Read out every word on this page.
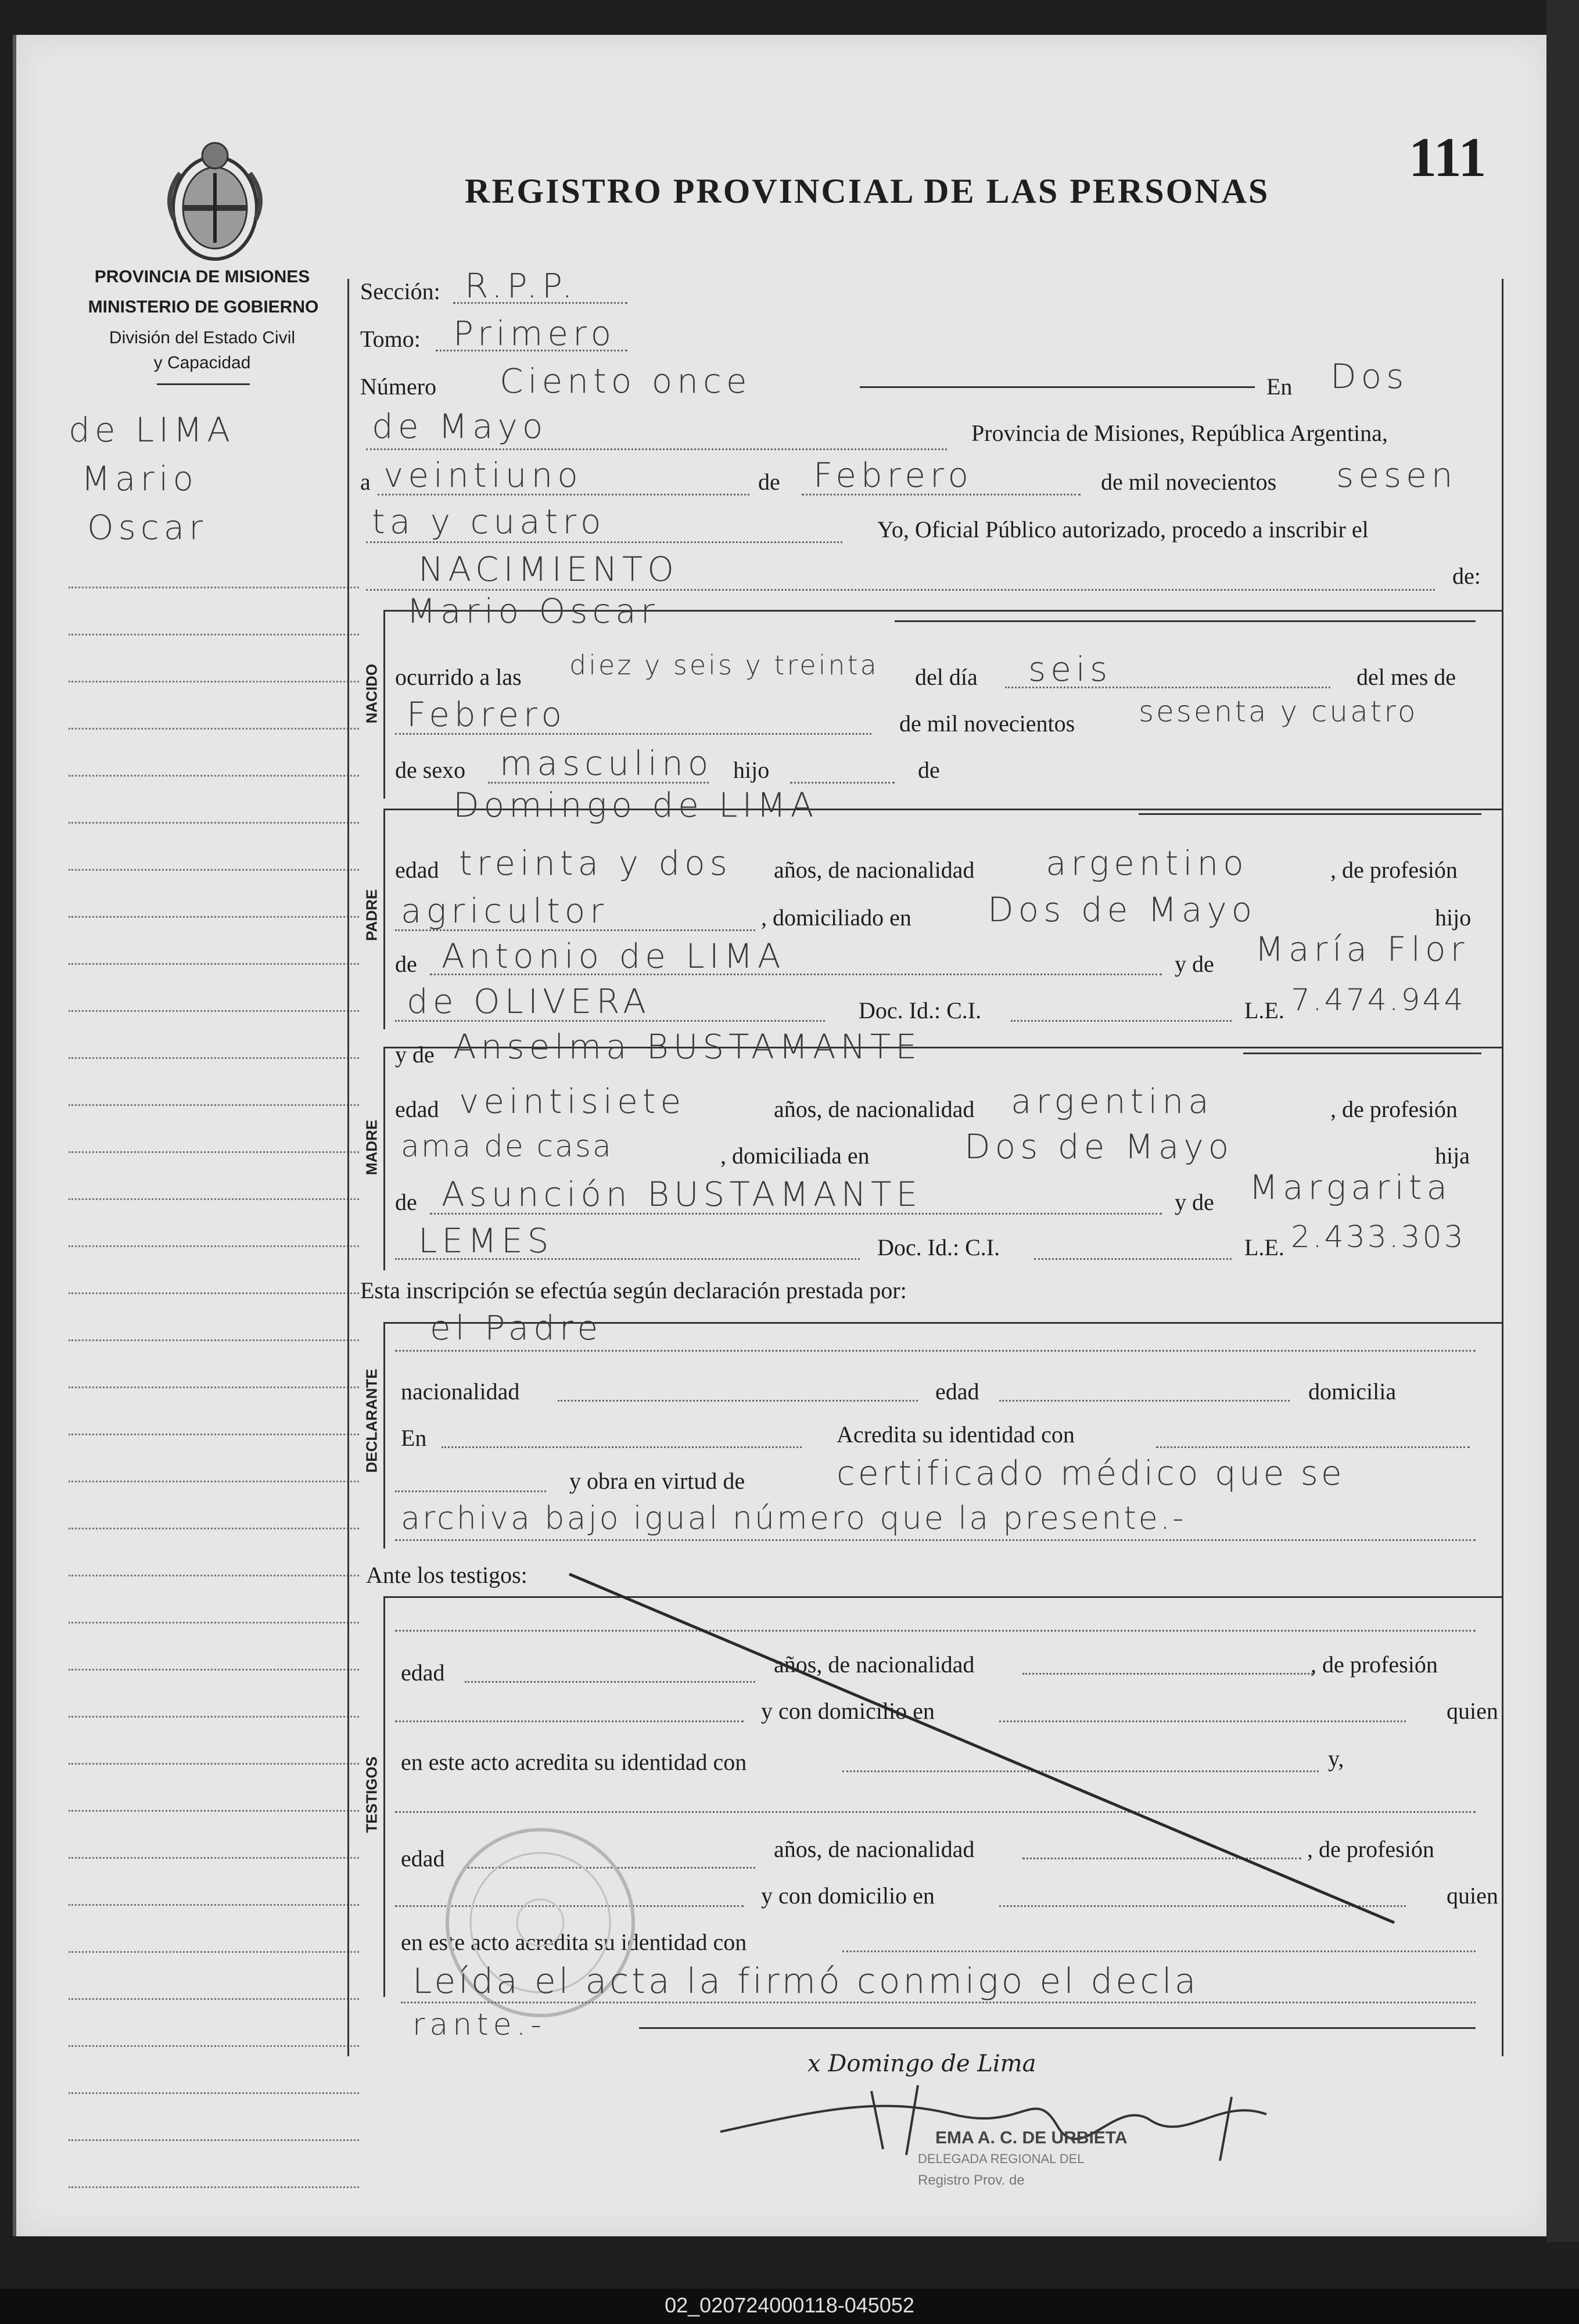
111
REGISTRO PROVINCIAL DE LAS PERSONAS
PROVINCIA DE MISIONES
MINISTERIO DE GOBIERNO
División del Estado Civil
y Capacidad
de LIMA
Mario
Oscar
Sección: R.P.P.
Tomo: Primero
Número Ciento once	En Dos
de Mayo	Provincia de Misiones, República Argentina,
a veintiuno	de Febrero	de mil novecientos sesen
ta y cuatro	Yo, Oficial Público autorizado, procedo a inscribir el
NACIMIENTO	de:
NACIDO
Mario Oscar
ocurrido a las diez y seis y treinta del día seis	del mes de
Febrero	de mil novecientos sesenta y cuatro
de sexo masculino hijo	de
PADRE
Domingo de LIMA
edad treinta y dos años, de nacionalidad argentino	, de profesión
agricultor	, domiciliado en Dos de Mayo	hijo
de Antonio de LIMA	y de María Flor
de OLIVERA	Doc. Id.: C.I.	L.E. 7.474.944
MADRE
y de Anselma BUSTAMANTE
edad veintisiete	años, de nacionalidad argentina	, de profesión
ama de casa	, domiciliada en	Dos de Mayo	hija
de Asunción BUSTAMANTE	y de Margarita
LEMES	Doc. Id.: C.I.	L.E. 2.433.303
Esta inscripción se efectúa según declaración prestada por:
DECLARANTE
el Padre
nacionalidad	edad	domicilia
En	Acredita su identidad con
y obra en virtud de	certificado médico que se
archiva bajo igual número que la presente.-
Ante los testigos:
TESTIGOS
edad	años, de nacionalidad	, de profesión
y con domicilio en	quien
en este acto acredita su identidad con	y,
edad	años, de nacionalidad	, de profesión
y con domicilio en	quien
en este acto acredita su identidad con
Leída el acta la firmó conmigo el decla
rante.-
x Domingo de Lima
EMA A. C. DE URBIETA
DELEGADA REGIONAL DEL
Registro Prov. de
02_020724000118-045052
